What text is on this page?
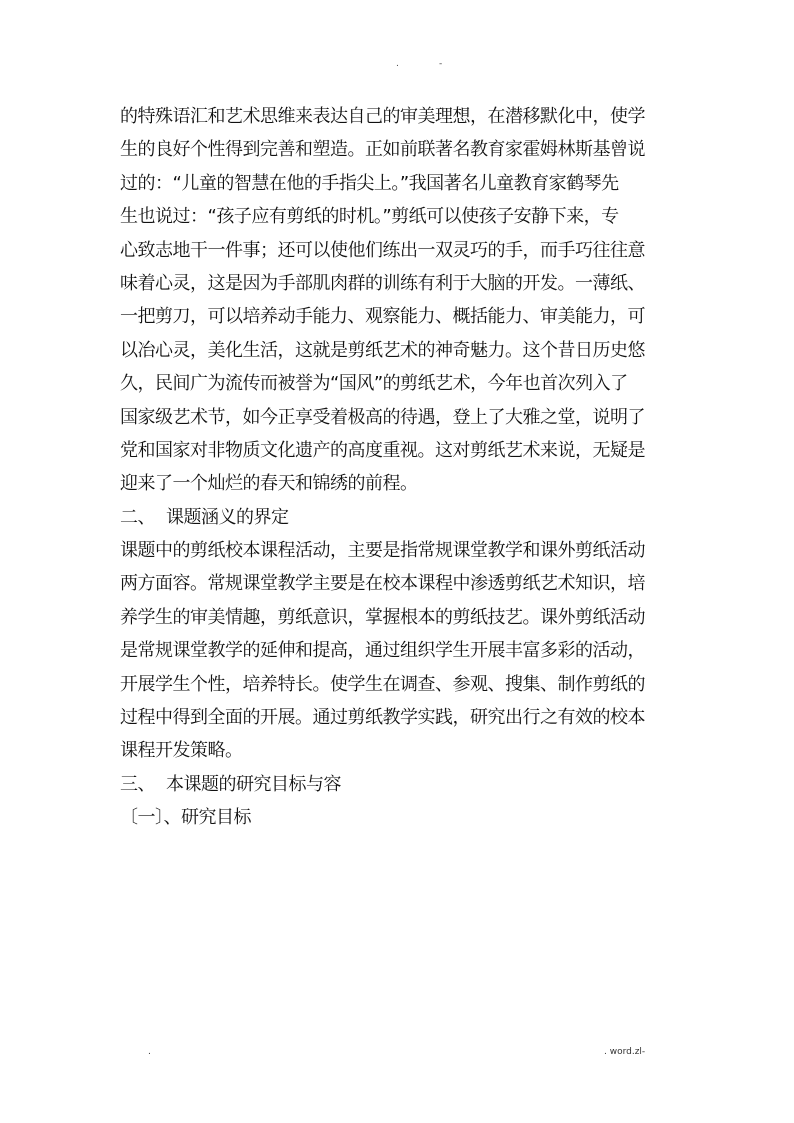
.	-
的特殊语汇和艺术思维来表达自己的审美理想，在潜移默化中，使学
生的良好个性得到完善和塑造。正如前联著名教育家霍姆林斯基曾说
过的：“儿童的智慧在他的手指尖上。”我国著名儿童教育家鹤琴先
生也说过：“孩子应有剪纸的时机。”剪纸可以使孩子安静下来，专
心致志地干一件事；还可以使他们练出一双灵巧的手，而手巧往往意
味着心灵，这是因为手部肌肉群的训练有利于大脑的开发。一薄纸、
一把剪刀，可以培养动手能力、观察能力、概括能力、审美能力，可
以冶心灵，美化生活，这就是剪纸艺术的神奇魅力。这个昔日历史悠
久，民间广为流传而被誉为“国风”的剪纸艺术，今年也首次列入了
国家级艺术节，如今正享受着极高的待遇，登上了大雅之堂，说明了
党和国家对非物质文化遗产的高度重视。这对剪纸艺术来说，无疑是
迎来了一个灿烂的春天和锦绣的前程。
二、 课题涵义的界定
课题中的剪纸校本课程活动，主要是指常规课堂教学和课外剪纸活动
两方面容。常规课堂教学主要是在校本课程中渗透剪纸艺术知识，培
养学生的审美情趣，剪纸意识，掌握根本的剪纸技艺。课外剪纸活动
是常规课堂教学的延伸和提高，通过组织学生开展丰富多彩的活动，
开展学生个性，培养特长。使学生在调查、参观、搜集、制作剪纸的
过程中得到全面的开展。通过剪纸教学实践，研究出行之有效的校本
课程开发策略。
三、 本课题的研究目标与容
〔一〕、研究目标
.	. word.zl-
